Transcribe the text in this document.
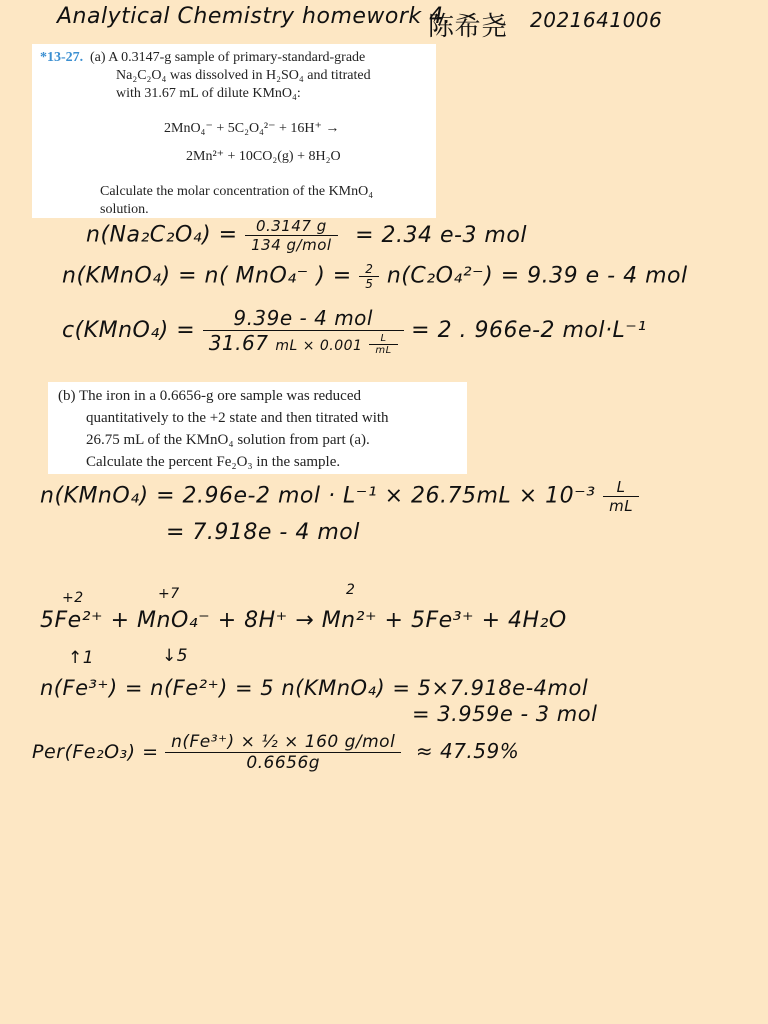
Analytical Chemistry homework 4.
陈希尧 2021641006
*13-27. (a) A 0.3147-g sample of primary-standard-grade
Na₂C₂O₄ was dissolved in H₂SO₄ and titrated
with 31.67 mL of dilute KMnO₄:
2MnO₄⁻ + 5C₂O₄²⁻ + 16H⁺ →
2Mn²⁺ + 10CO₂(g) + 8H₂O
Calculate the molar concentration of the KMnO₄
solution.
$n(Na_2C_2O_4) = \frac{0.3147 g}{\text{134 g/mol}} = 2.34$ e-3 mol
n(KMnO₄) = n( MnO₄⁻ ) = $\frac{2}{5} n(C_2O_4^{2-}) = 9.39$ e - 4 mol
c(KMnO₄) = $\frac{\text{9.39e - 4 mol}}{31.67 mL \times 0.001 \frac{L}{mL}} = 2$ . 966e-2 mol·L⁻¹
(b) The iron in a 0.6656-g ore sample was reduced
quantitatively to the +2 state and then titrated with
26.75 mL of the KMnO₄ solution from part (a).
Calculate the percent Fe₂O₃ in the sample.
n(KMnO₄) = 2.96e-2 mol · $L^{-1} \times 26.75mL \times 10^{-3} \frac{L}{mL}$
= 7.918e - 4 mol
+2	+7	2
5Fe²⁺ + MnO₄⁻ + 8H⁺ → Mn²⁺ + 5Fe³⁺ + 4H₂O
↑1	↓5
n(Fe³⁺) = n(Fe²⁺) = 5 n(KMnO₄) = 5×7.918e-4mol
= 3.959e - 3 mol
$Per(Fe_2O_3) = \frac{\text{n(Fe³⁺) × ½ × 160 g/mol}}{0.6656g} \approx 47.59\%$
